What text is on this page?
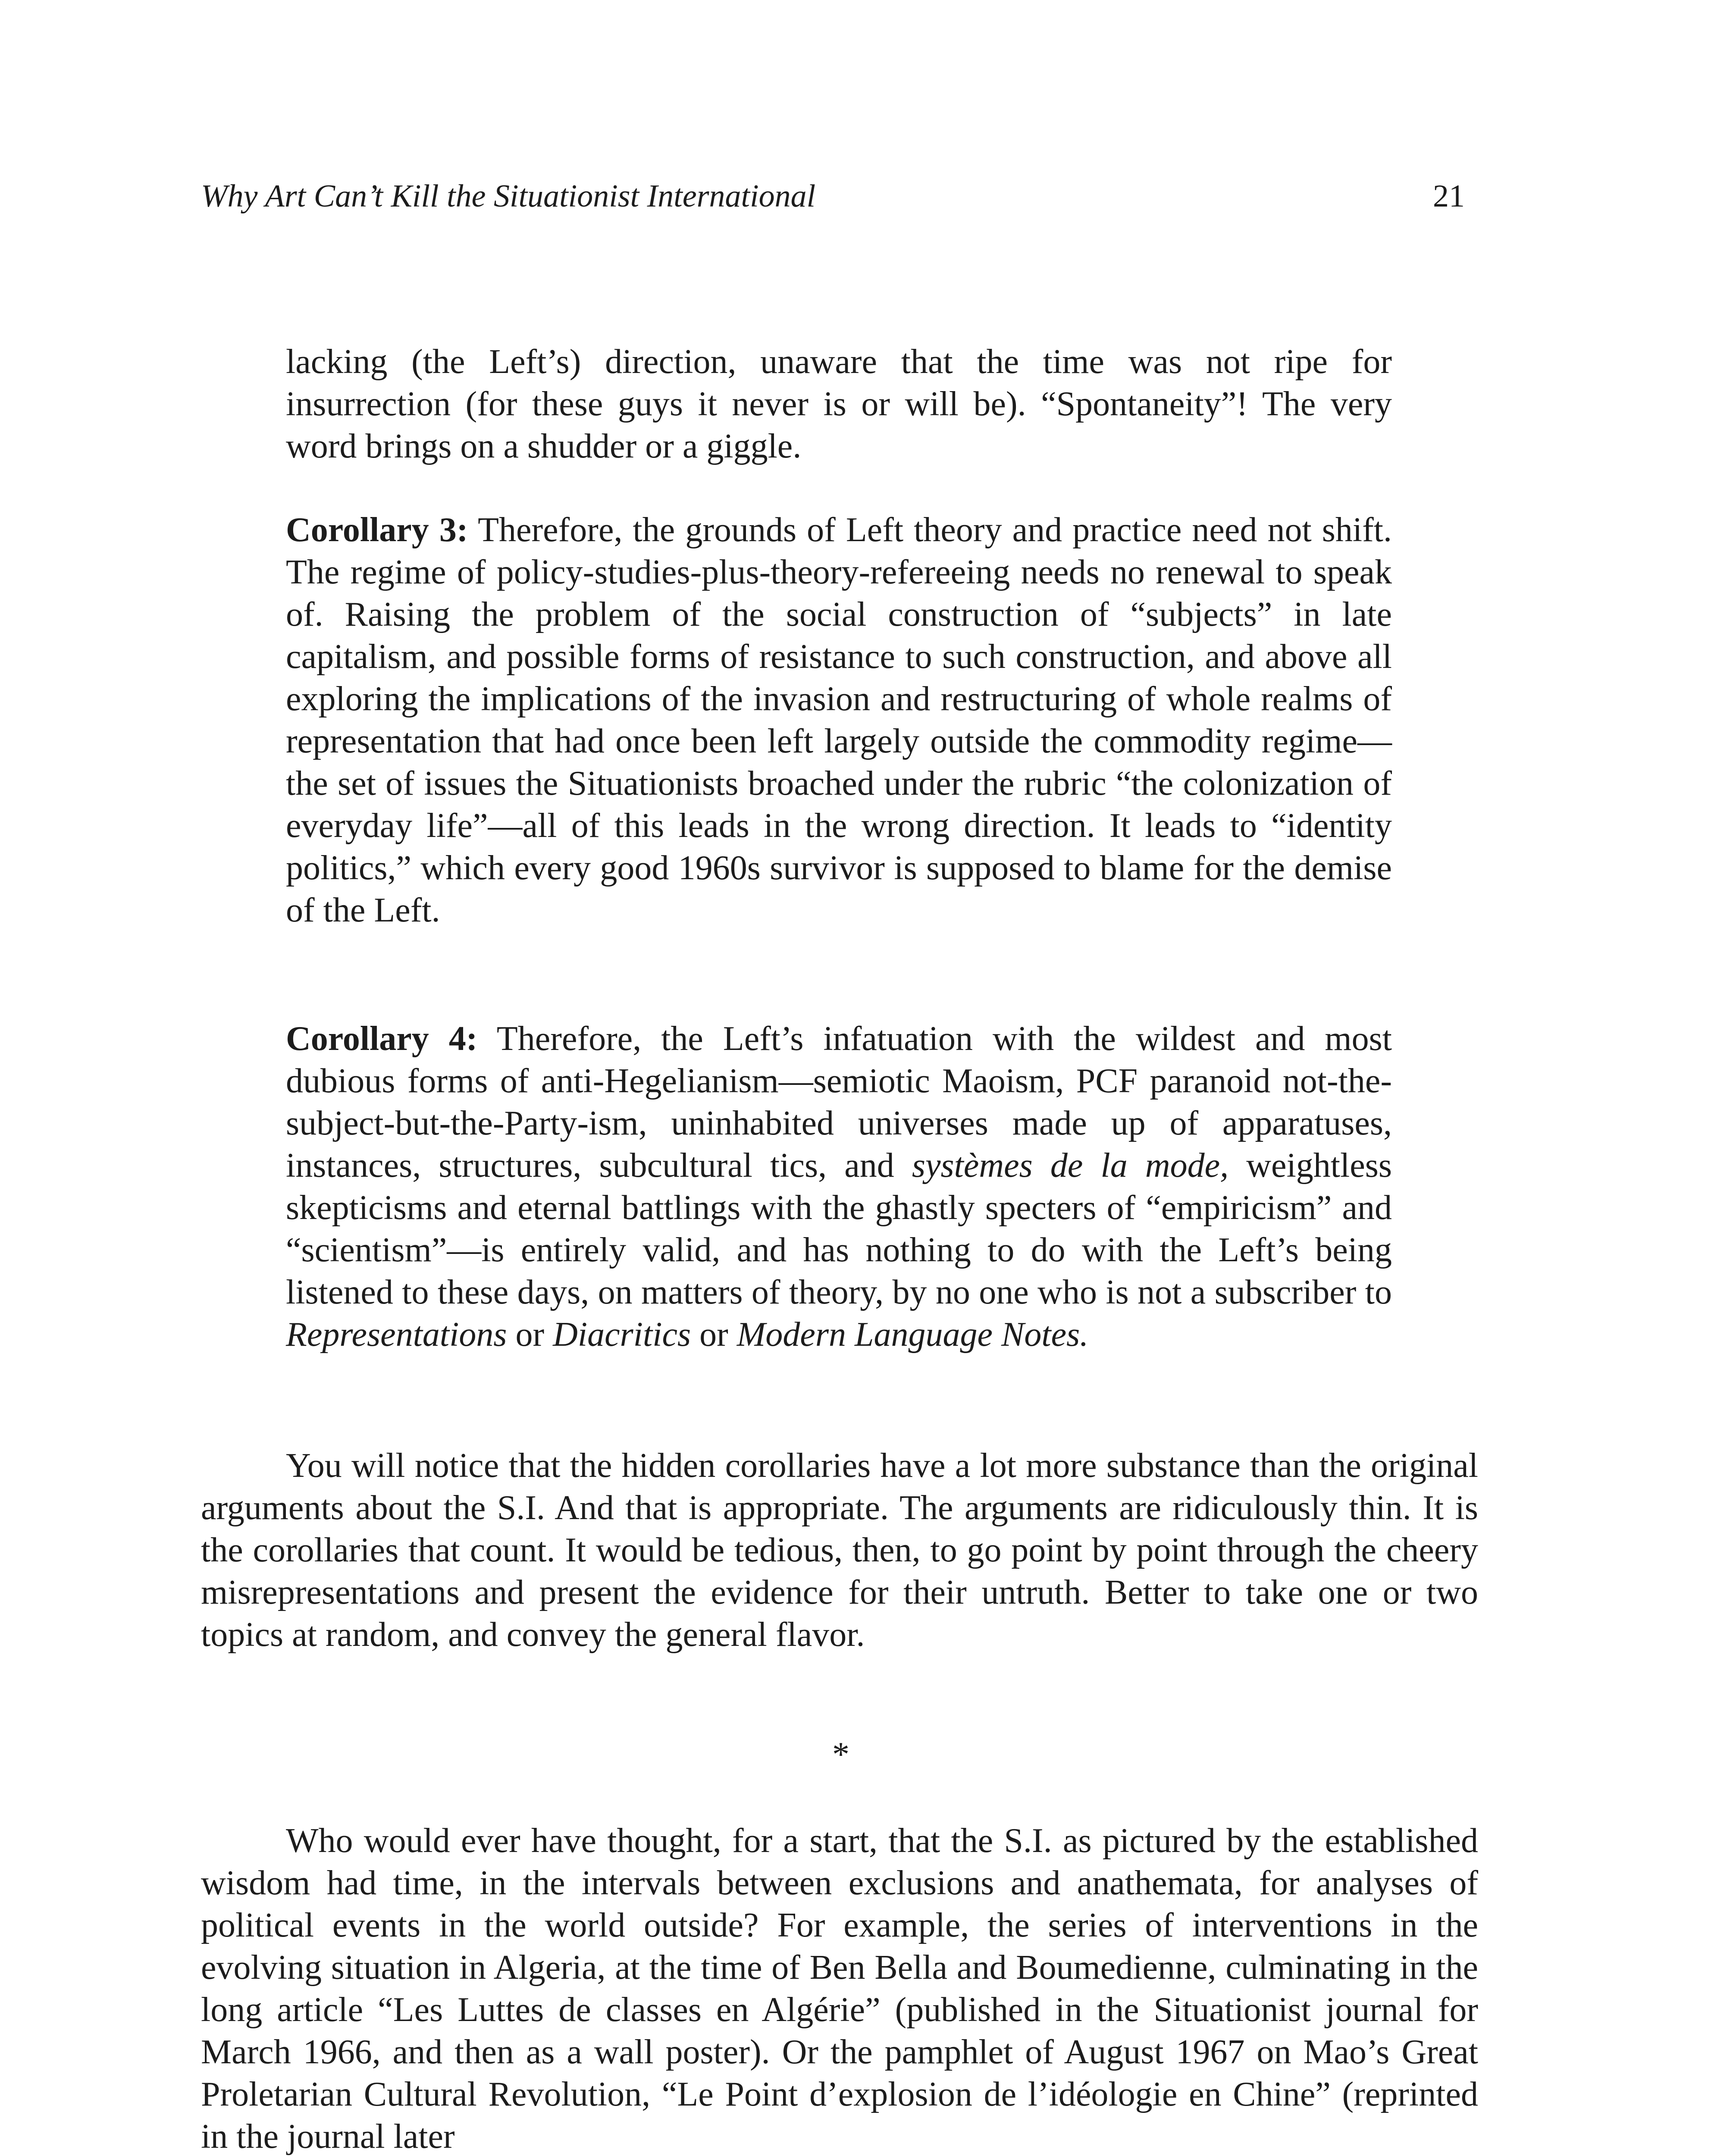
Why Art Can’t Kill the Situationist International	21
lacking (the Left’s) direction, unaware that the time was not ripe for insurrection (for these guys it never is or will be). “Spontaneity”! The very word brings on a shudder or a giggle.
Corollary 3: Therefore, the grounds of Left theory and practice need not shift. The regime of policy-studies-plus-theory-refereeing needs no renewal to speak of. Raising the problem of the social construction of “subjects” in late capitalism, and possible forms of resistance to such construction, and above all exploring the implications of the invasion and restructuring of whole realms of representation that had once been left largely outside the commodity regime—the set of issues the Situationists broached under the rubric “the colonization of everyday life”—all of this leads in the wrong direction. It leads to “identity politics,” which every good 1960s survivor is supposed to blame for the demise of the Left.
Corollary 4: Therefore, the Left’s infatuation with the wildest and most dubious forms of anti-Hegelianism—semiotic Maoism, PCF paranoid not-the-subject-but-the-Party-ism, uninhabited universes made up of apparatuses, instances, structures, subcultural tics, and systèmes de la mode, weightless skepticisms and eternal battlings with the ghastly specters of “empiricism” and “scientism”—is entirely valid, and has nothing to do with the Left’s being listened to these days, on matters of theory, by no one who is not a subscriber to Representations or Diacritics or Modern Language Notes.
You will notice that the hidden corollaries have a lot more substance than the original arguments about the S.I. And that is appropriate. The arguments are ridiculously thin. It is the corollaries that count. It would be tedious, then, to go point by point through the cheery misrepresentations and present the evidence for their untruth. Better to take one or two topics at random, and convey the general flavor.
*
Who would ever have thought, for a start, that the S.I. as pictured by the established wisdom had time, in the intervals between exclusions and anathemata, for analyses of political events in the world outside? For example, the series of interventions in the evolving situation in Algeria, at the time of Ben Bella and Boumedienne, culminating in the long article “Les Luttes de classes en Algérie” (published in the Situationist journal for March 1966, and then as a wall poster). Or the pamphlet of August 1967 on Mao’s Great Proletarian Cultural Revolution, “Le Point d’explosion de l’idéologie en Chine” (reprinted in the journal later
